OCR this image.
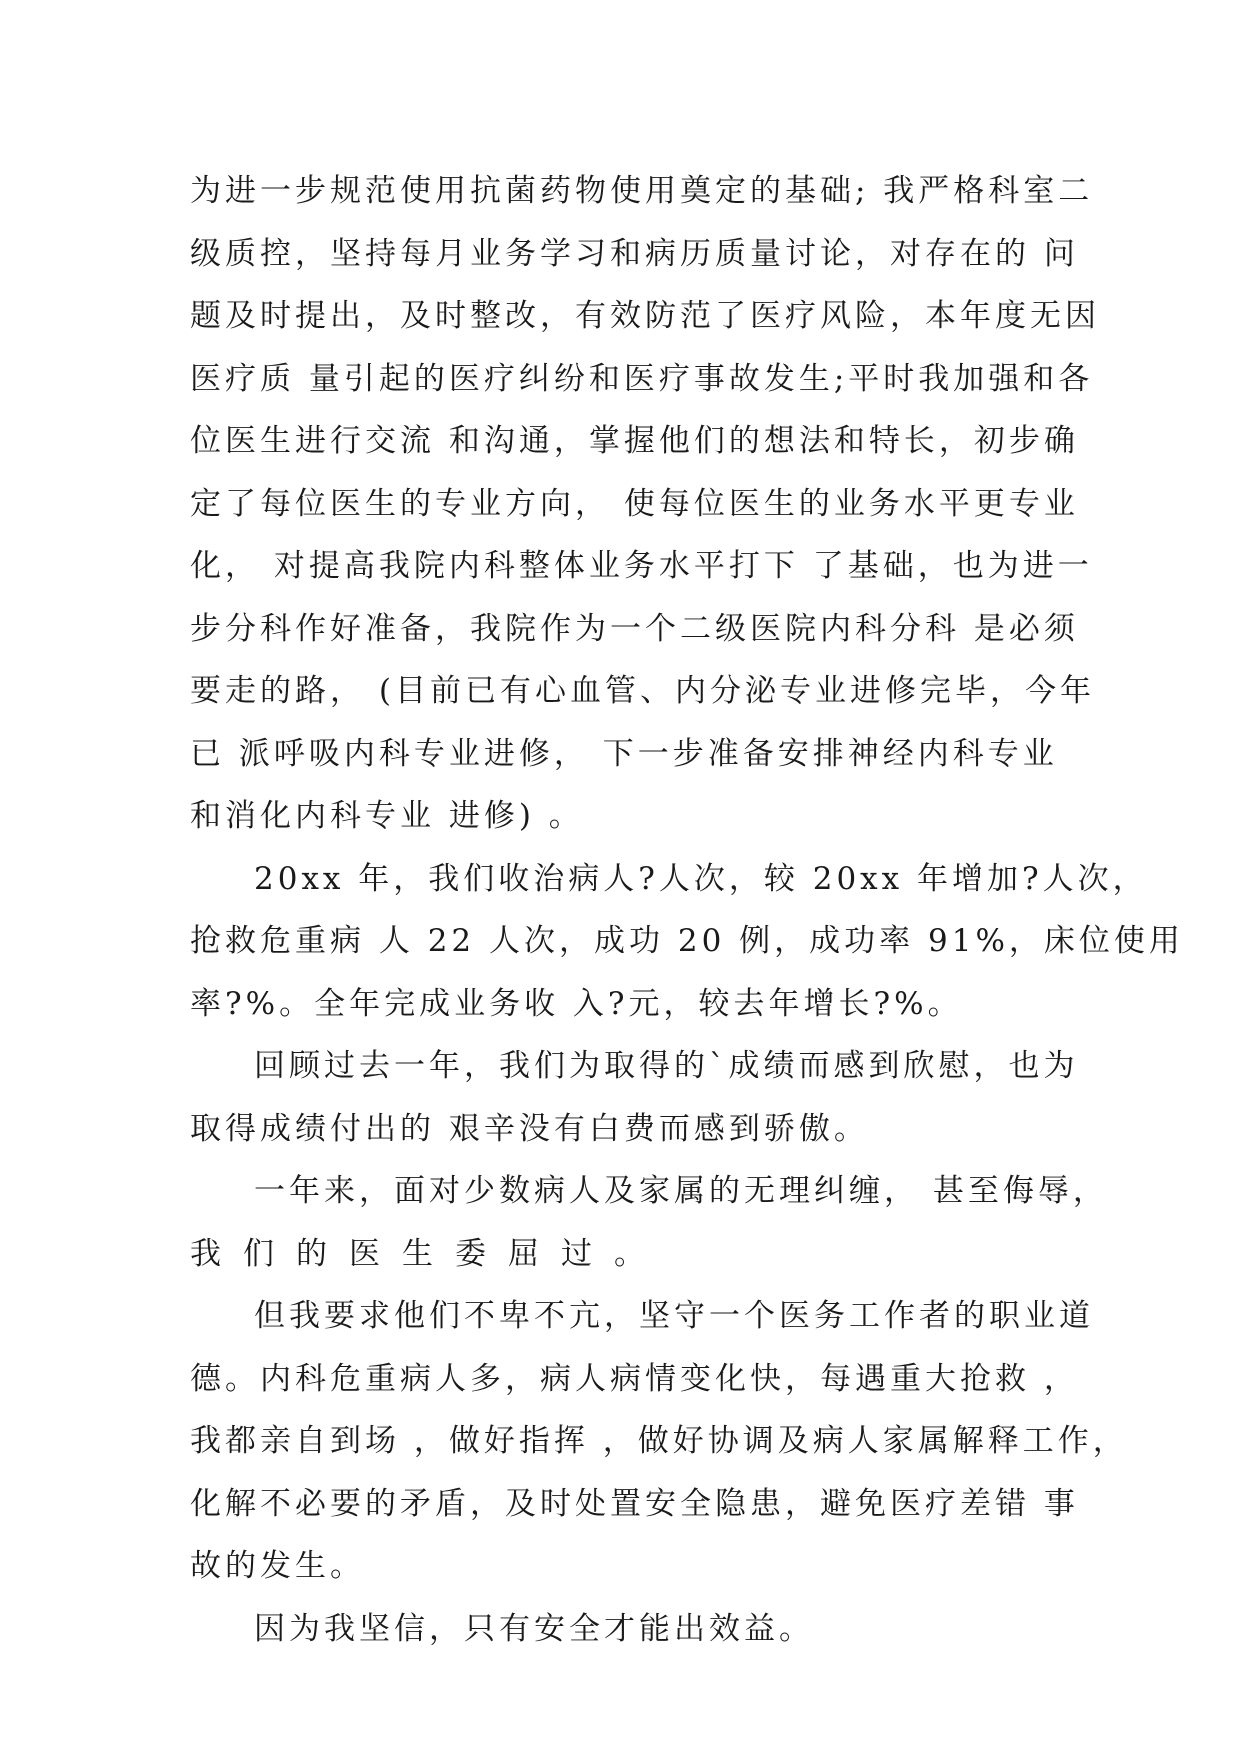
为进一步规范使用抗菌药物使用奠定的基础; 我严格科室二
级质控，坚持每月业务学习和病历质量讨论，对存在的 问
题及时提出，及时整改，有效防范了医疗风险，本年度无因
医疗质 量引起的医疗纠纷和医疗事故发生;平时我加强和各
位医生进行交流 和沟通，掌握他们的想法和特长，初步确
定了每位医生的专业方向， 使每位医生的业务水平更专业
化， 对提高我院内科整体业务水平打下 了基础，也为进一
步分科作好准备，我院作为一个二级医院内科分科 是必须
要走的路， (目前已有心血管、内分泌专业进修完毕，今年
已 派呼吸内科专业进修， 下一步准备安排神经内科专业
和消化内科专业 进修) 。
20xx 年，我们收治病人?人次，较 20xx 年增加?人次，
抢救危重病 人 22 人次，成功 20 例，成功率 91%，床位使用
率?%。全年完成业务收 入?元，较去年增长?%。
回顾过去一年，我们为取得的`成绩而感到欣慰，也为
取得成绩付出的 艰辛没有白费而感到骄傲。
一年来，面对少数病人及家属的无理纠缠， 甚至侮辱，
我们的医生委屈过。
但我要求他们不卑不亢，坚守一个医务工作者的职业道
德。内科危重病人多，病人病情变化快，每遇重大抢救 ，
我都亲自到场 ，做好指挥 ，做好协调及病人家属解释工作，
化解不必要的矛盾，及时处置安全隐患，避免医疗差错 事
故的发生。
因为我坚信，只有安全才能出效益。
